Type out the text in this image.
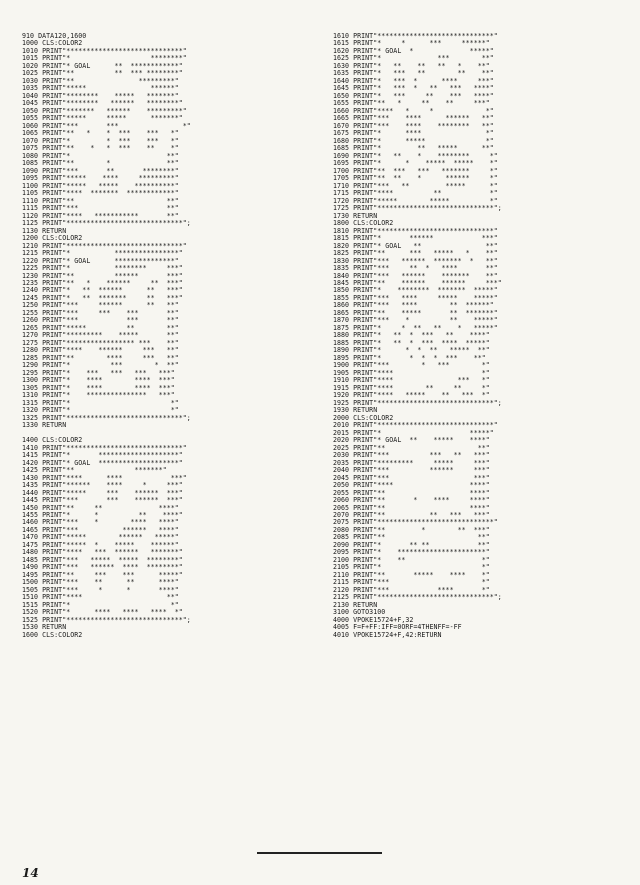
910 DATA120,1600
1000 CLS:COLOR2
1010 PRINT"*****************************"
1015 PRINT"*                    ********"
1020 PRINT"* GOAL      **  ************"
1025 PRINT"**          **  *** ********"
1030 PRINT"**                *********"
1035 PRINT"*****                ******"
1040 PRINT"********    *****   *******"
1045 PRINT"********   ******   ********"
1050 PRINT"*******   ******    *********"
1055 PRINT"*****     *****      *******"
1060 PRINT"***       ***                *"
1065 PRINT"**   *    *  ***    ***   *"
1070 PRINT"*         *  ***    ***   *"
1075 PRINT"**    *   *  ***    **    *"
1080 PRINT"*                        **"
1085 PRINT"**        *              **"
1090 PRINT"***       **       ********"
1095 PRINT"*****    ****     *********"
1100 PRINT"*****   *****    **********"
1105 PRINT"****  *******  ************"
1110 PRINT"**                       **"
1115 PRINT"***                      **"
1120 PRINT"****   ***********       **"
1125 PRINT"*****************************";
1130 RETURN
1200 CLS:COLOR2
1210 PRINT"*****************************"
1215 PRINT"*           ****************"
1220 PRINT"* GOAL      ***************"
1225 PRINT"*           ********     ***"
1230 PRINT"**          ******       ***"
1235 PRINT"**   *    ******     **  ***"
1240 PRINT"*   **  ******      **   ***"
1245 PRINT"*   **  *******     **   ***"
1250 PRINT"***     ******      **   **"
1255 PRINT"***     ***    ***       **"
1260 PRINT"***            ***       **"
1265 PRINT"*****          **        **"
1270 PRINT"*********    *****       **"
1275 PRINT"***************** ***    **"
1280 PRINT"****    ******     ***   **"
1285 PRINT"**        ****     ***   **"
1290 PRINT"*          ***        *  **"
1295 PRINT"*    ***   ***   ***   ***"
1300 PRINT"*    ****        ****  ***"
1305 PRINT"*    ****        ****  ***"
1310 PRINT"*    ***************   ***"
1315 PRINT"*                         *"
1320 PRINT"*                         *"
1325 PRINT"*****************************";
1330 RETURN

1400 CLS:COLOR2
1410 PRINT"*****************************"
1415 PRINT"*       ********************"
1420 PRINT"* GOAL  ********************"
1425 PRINT"**               *******"
1430 PRINT"****      ****            ***"
1435 PRINT"******    ****     *     ***"
1440 PRINT"*****     ***    ******  ***"
1445 PRINT"***       ***    ******  ***"
1450 PRINT"**     **              ****"
1455 PRINT"*      *          **    ****"
1460 PRINT"***    *        ****   ****"
1465 PRINT"***           ******   ****"
1470 PRINT"*****        ******   *****"
1475 PRINT"*****  *    *****    ******"
1480 PRINT"****   ***  ******   *******"
1485 PRINT"***   *****  *****  ********"
1490 PRINT"***   ******  ****  ********"
1495 PRINT"**     ***    ***      *****"
1500 PRINT"***    **      **      ****"
1505 PRINT"***     *      *       ****"
1510 PRINT"****                     **"
1515 PRINT"*                         *"
1520 PRINT"*      ****   ****   ****  *"
1525 PRINT"*****************************";
1530 RETURN
1600 CLS:COLOR2
1610 PRINT"*****************************"
1615 PRINT"*     *      ***     ******"
1620 PRINT"* GOAL  *              *****"
1625 PRINT"*              ***        **"
1630 PRINT"*   **    **   **   *    **"
1635 PRINT"*   ***   **        **    **"
1640 PRINT"*   ***  *      ****     ***"
1645 PRINT"*   ***  *   **   ***   ****"
1650 PRINT"*   ***     **    ***   ****"
1655 PRINT"**   *     **    **     ***"
1660 PRINT"****   *     *             *"
1665 PRINT"***    ****      ******   **"
1670 PRINT"***    ****    ********   **"
1675 PRINT"*      ****                *"
1680 PRINT"*      *****               *"
1685 PRINT"*         **   *****      **"
1690 PRINT"*   **    *    ********     *"
1695 PRINT"*      *    *****  *****    *"
1700 PRINT"**  ***   ***   *******     *"
1705 PRINT"**  **    *      ******     *"
1710 PRINT"***   **         *****      *"
1715 PRINT"****          **            *"
1720 PRINT"*****        *****          *"
1725 PRINT"*****************************";
1730 RETURN
1800 CLS:COLOR2
1810 PRINT"*****************************"
1815 PRINT"*       ******            ***"
1820 PRINT"* GOAL   **                **"
1825 PRINT"**      ***   *****   *    **"
1830 PRINT"***   ******  *******  *   **"
1835 PRINT"***     **  *   ****       **"
1840 PRINT"***   ******    *******    **"
1845 PRINT"**    ******    ******     ***"
1850 PRINT"*    ********  *******  *****"
1855 PRINT"***   ****     *****    *****"
1860 PRINT"***   ****        **  ******"
1865 PRINT"**    *****       **  *******"
1870 PRINT"***    *          **    *****"
1875 PRINT"*     *  **   **    *   *****"
1880 PRINT"*   **  *  ***   **    ****"
1885 PRINT"*   **  *  ***  ****  *****"
1890 PRINT"*      *  *  **   *****  **"
1895 PRINT"*       *  *  *  ***    **"
1900 PRINT"***        *   ***        *"
1905 PRINT"****                      *"
1910 PRINT"****                ***   *"
1915 PRINT"****        **     **     *"
1920 PRINT"****   *****    **   ***  *"
1925 PRINT"*****************************";
1930 RETURN
2000 CLS:COLOR2
2010 PRINT"*****************************"
2015 PRINT"*                      *****"
2020 PRINT"* GOAL  **    *****    ****"
2025 PRINT"**                       **"
2030 PRINT"***          ***   **   ***"
2035 PRINT"*********     *****     ***"
2040 PRINT"***          ******     ***"
2045 PRINT"***                     ***"
2050 PRINT"****                   ****"
2055 PRINT"**                     ****"
2060 PRINT"**       *    ****     ****"
2065 PRINT"**                     ****"
2070 PRINT"**           **   ***   ***"
2075 PRINT"*****************************"
2080 PRINT"**         *        **  ***"
2085 PRINT"**                       **"
2090 PRINT"*       ** **            **"
2095 PRINT"*    **********************"
2100 PRINT"*    **                   *"
2105 PRINT"*                         *"
2110 PRINT"**       *****    ****    *"
2115 PRINT"***                       *"
2120 PRINT"***            ****       *"
2125 PRINT"*****************************";
2130 RETURN
3100 GOTO3100
4000 VPOKE15724+F,32
4005 F=F+FF:IFF=0ORF=4THENFF=-FF
4010 VPOKE15724+F,42:RETURN
14
